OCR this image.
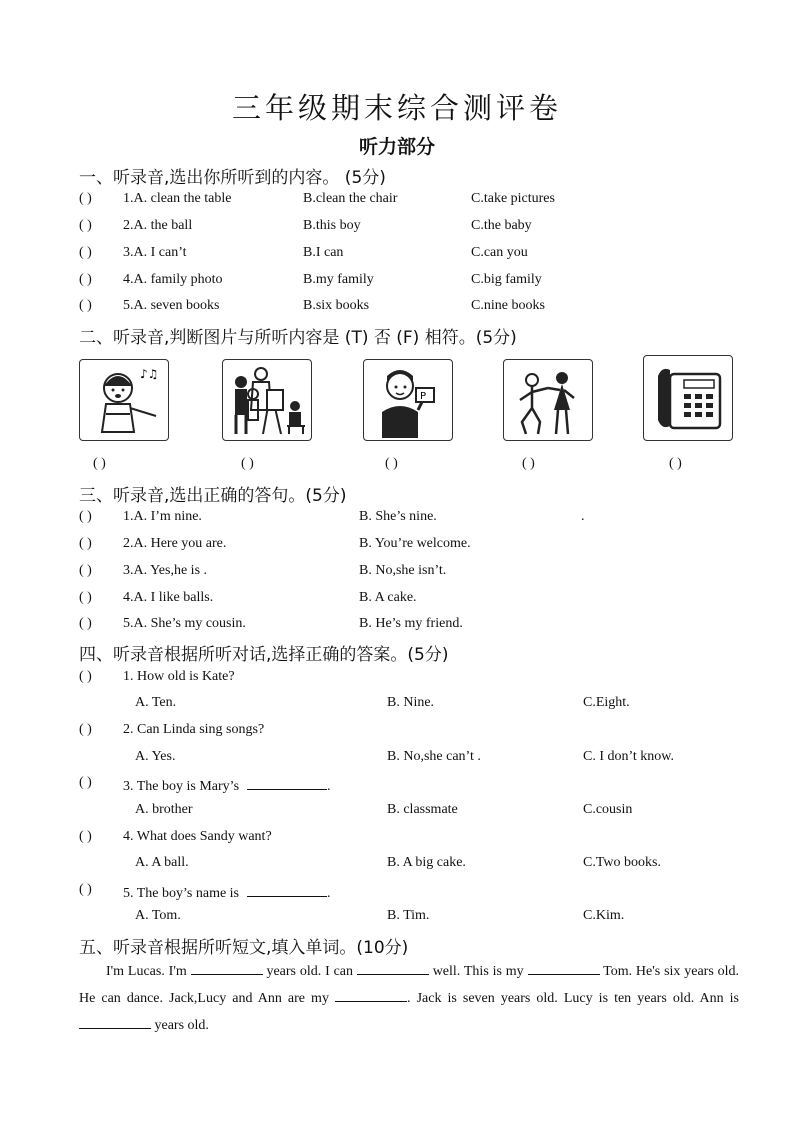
三年级期末综合测评卷
听力部分
一、听录音,选出你所听到的内容。 (5分)
( ) 1.A. clean the table	B.clean the chair	C.take pictures
( ) 2.A. the ball	B.this boy	C.the baby
( ) 3.A. I can’t	B.I can	C.can you
( ) 4.A. family photo	B.my family	C.big family
( ) 5.A. seven books	B.six books	C.nine books
二、听录音,判断图片与所听内容是 (T) 否 (F) 相符。(5分)
♪♫
P
( )	( )	( )	( )	( )
三、听录音,选出正确的答句。(5分)
( ) 1.A. I’m nine.	B. She’s nine.	.
( ) 2.A. Here you are.	B. You’re welcome.
( ) 3.A. Yes,he is .	B. No,she isn’t.
( ) 4.A. I like balls.	B. A cake.
( ) 5.A. She’s my cousin.	B. He’s my friend.
四、听录音根据所听对话,选择正确的答案。(5分)
( ) 1. How old is Kate?
A. Ten.	B. Nine.	C.Eight.
( ) 2. Can Linda sing songs?
A. Yes.	B. No,she can’t .	C. I don’t know.
( ) 3. The boy is Mary’s	.
A. brother	B. classmate	C.cousin
( ) 4. What does Sandy want?
A. A ball.	B. A big cake.	C.Two books.
( ) 5. The boy’s name is	.
A. Tom.	B. Tim.	C.Kim.
五、听录音根据所听短文,填入单词。(10分)
I'm Lucas. I'm	years old. I can	well. This is my	Tom. He's six years old. He can dance. Jack,Lucy and Ann are my	. Jack is seven years old. Lucy is ten years old. Ann is  years old.
